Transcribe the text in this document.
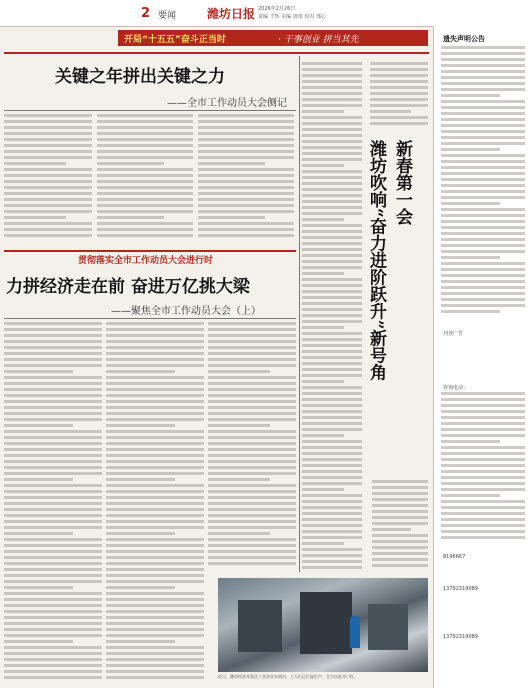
2 要闻	潍坊日报 2026年2月26日
责编 王辉 美编 唐雨 校对 邢心
开局“十五五”奋斗正当时	· 干事创业 拼当其先
关键之年拼出关键之力
——全市工作动员大会侧记
贯彻落实全市工作动员大会进行时
力拼经济走在前 奋进万亿挑大梁
——聚焦全市工作动员大会（上）	潍坊吹响“奋力进阶跃升”新号角 新春第一会
近日，潍坊经济开发区工业企业车间内，工人们正忙碌生产，全力以赴开门红。
遗失声明公告
刊登广告
咨询电话：
8196667
13792319089
13792319089
